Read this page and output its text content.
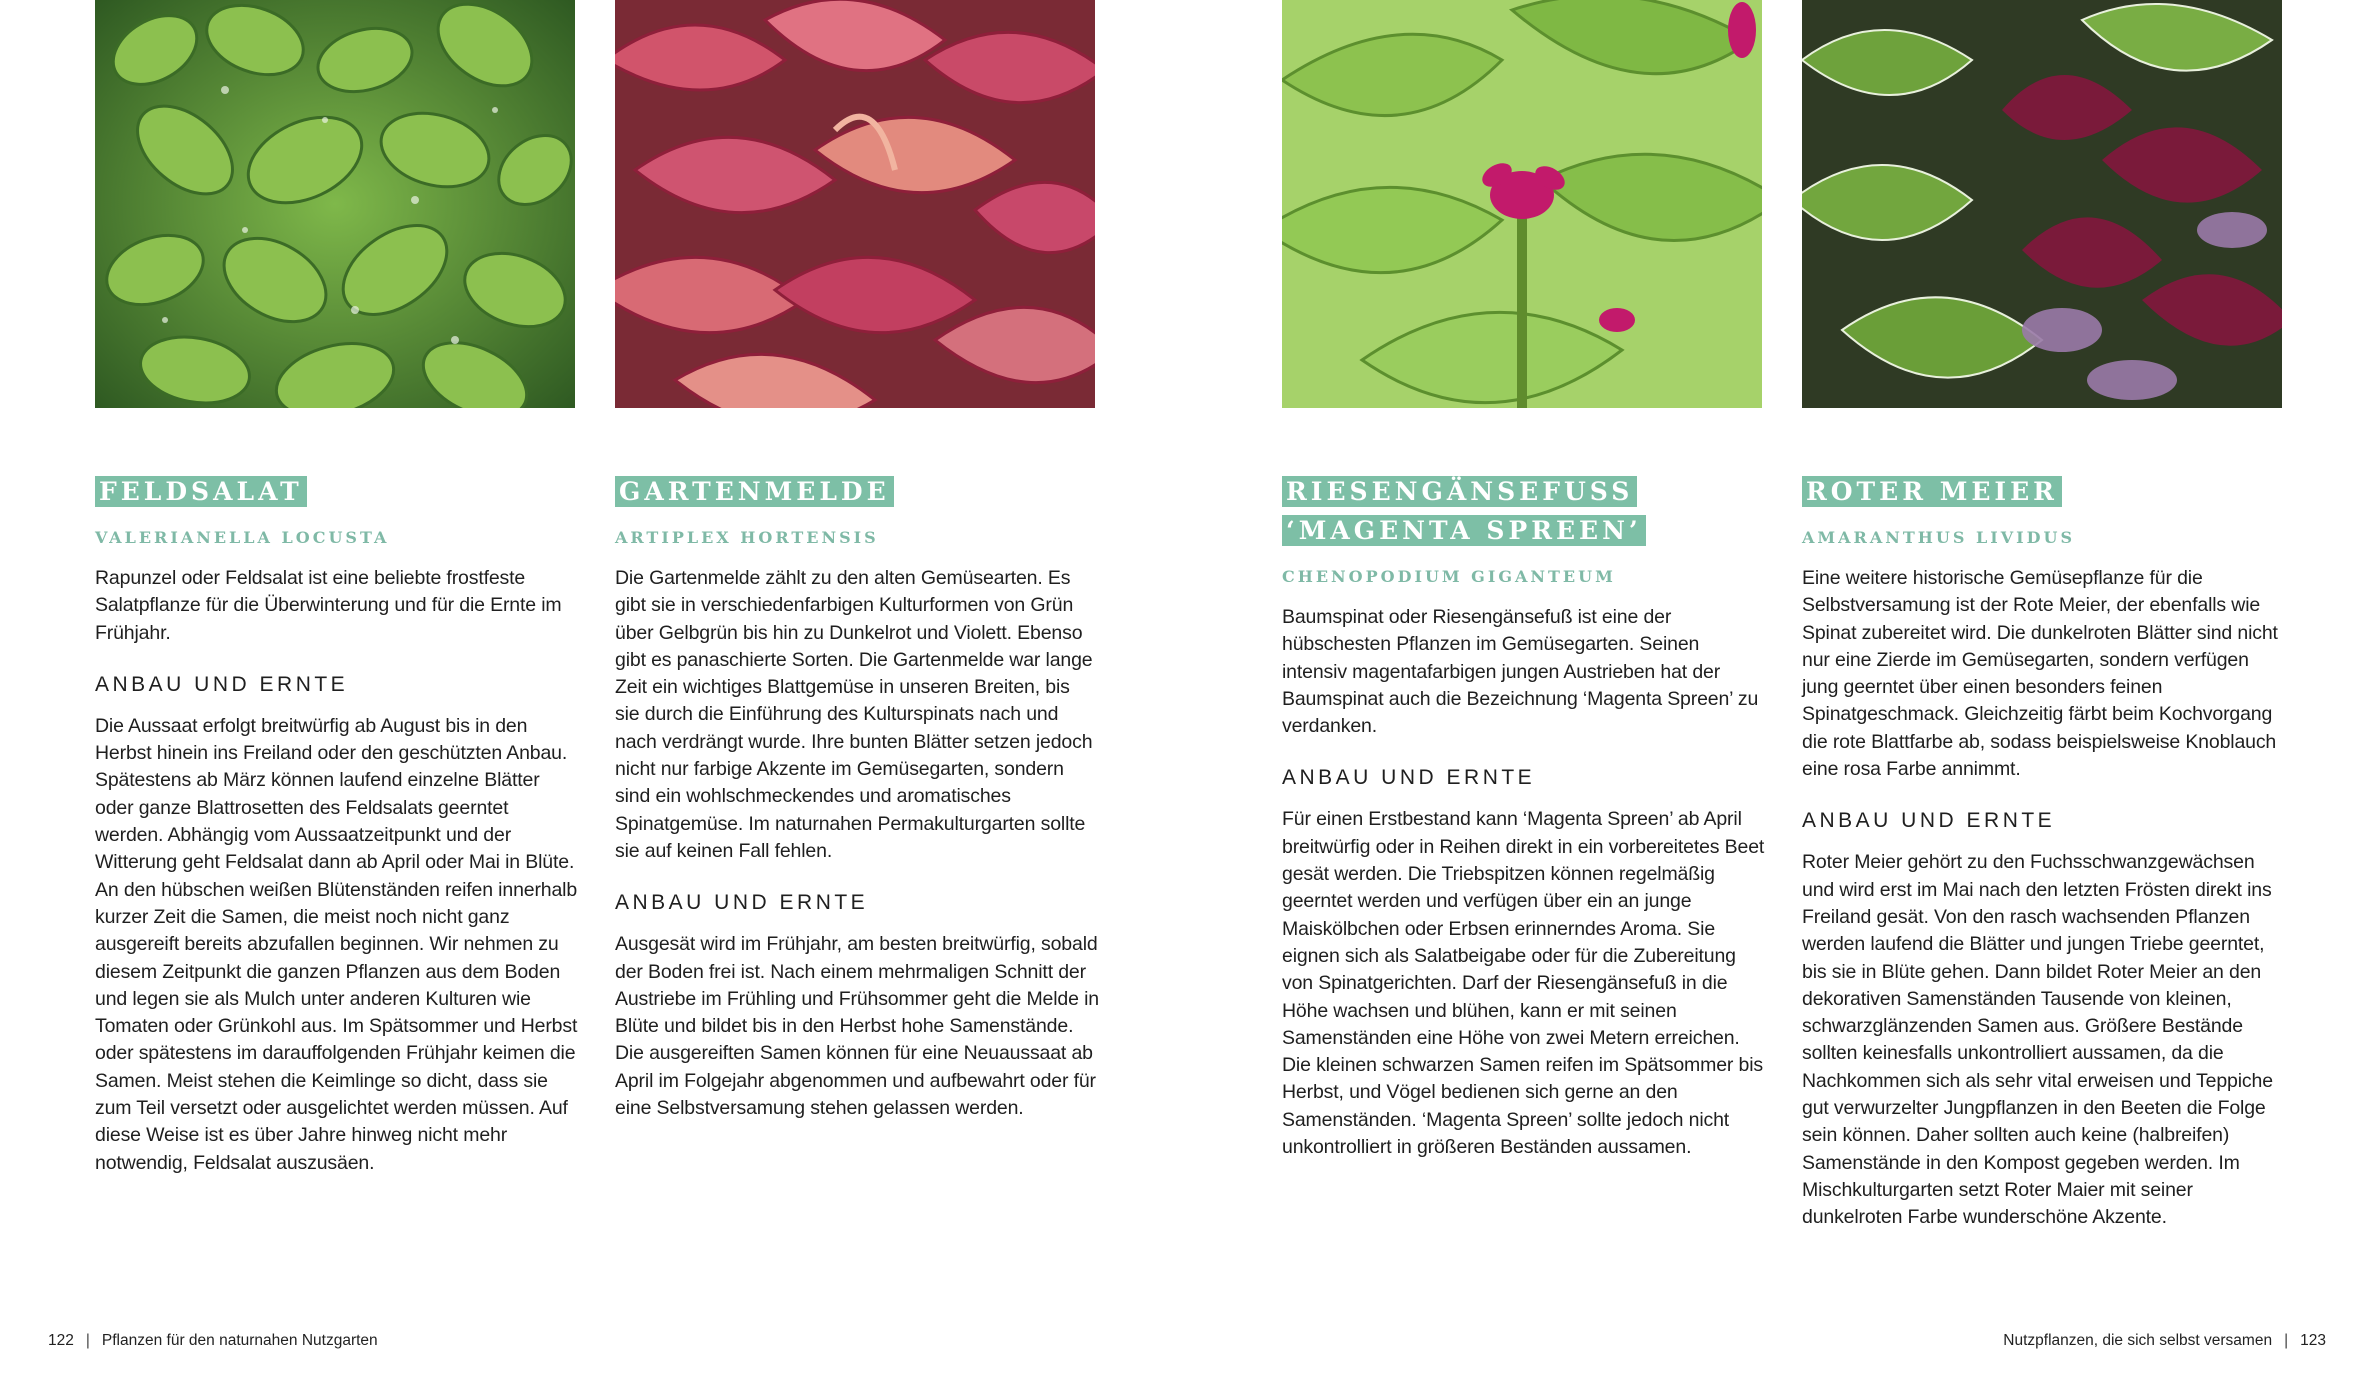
FELDSALAT
VALERIANELLA LOCUSTA

Rapunzel oder Feldsalat ist eine beliebte frostfeste Salatpflanze für die Überwinterung und für die Ernte im Frühjahr.

ANBAU UND ERNTE

Die Aussaat erfolgt breitwürfig ab August bis in den Herbst hinein ins Freiland oder den geschützten Anbau. Spätestens ab März können laufend einzelne Blätter oder ganze Blattrosetten des Feldsalats geerntet werden. Abhängig vom Aussaatzeitpunkt und der Witterung geht Feldsalat dann ab April oder Mai in Blüte. An den hübschen weißen Blütenständen reifen innerhalb kurzer Zeit die Samen, die meist noch nicht ganz ausgereift bereits abzufallen beginnen. Wir nehmen zu diesem Zeitpunkt die ganzen Pflanzen aus dem Boden und legen sie als Mulch unter anderen Kulturen wie Tomaten oder Grünkohl aus. Im Spätsommer und Herbst oder spätestens im darauffolgenden Frühjahr keimen die Samen. Meist stehen die Keimlinge so dicht, dass sie zum Teil versetzt oder ausgelichtet werden müssen. Auf diese Weise ist es über Jahre hinweg nicht mehr notwendig, Feldsalat auszusäen.

GARTENMELDE
ARTIPLEX HORTENSIS

Die Gartenmelde zählt zu den alten Gemüsearten. Es gibt sie in verschiedenfarbigen Kulturformen von Grün über Gelbgrün bis hin zu Dunkelrot und Violett. Ebenso gibt es panaschierte Sorten. Die Gartenmelde war lange Zeit ein wichtiges Blattgemüse in unseren Breiten, bis sie durch die Einführung des Kulturspinats nach und nach verdrängt wurde. Ihre bunten Blätter setzen jedoch nicht nur farbige Akzente im Gemüsegarten, sondern sind ein wohlschmeckendes und aromatisches Spinatgemüse. Im naturnahen Permakulturgarten sollte sie auf keinen Fall fehlen.

ANBAU UND ERNTE

Ausgesät wird im Frühjahr, am besten breitwürfig, sobald der Boden frei ist. Nach einem mehrmaligen Schnitt der Austriebe im Frühling und Frühsommer geht die Melde in Blüte und bildet bis in den Herbst hohe Samenstände. Die ausgereiften Samen können für eine Neuaussaat ab April im Folgejahr abgenommen und aufbewahrt oder für eine Selbstversamung stehen gelassen werden.

RIESENGÄNSEFUSS
‘MAGENTA SPREEN’
CHENOPODIUM GIGANTEUM

Baumspinat oder Riesengänsefuß ist eine der hübschesten Pflanzen im Gemüsegarten. Seinen intensiv magentafarbigen jungen Austrieben hat der Baumspinat auch die Bezeichnung ‘Magenta Spreen’ zu verdanken.

ANBAU UND ERNTE

Für einen Erstbestand kann ‘Magenta Spreen’ ab April breitwürfig oder in Reihen direkt in ein vorbereitetes Beet gesät werden. Die Triebspitzen können regelmäßig geerntet werden und verfügen über ein an junge Maiskölbchen oder Erbsen erinnerndes Aroma. Sie eignen sich als Salatbeigabe oder für die Zubereitung von Spinatgerichten. Darf der Riesengänsefuß in die Höhe wachsen und blühen, kann er mit seinen Samenständen eine Höhe von zwei Metern erreichen. Die kleinen schwarzen Samen reifen im Spätsommer bis Herbst, und Vögel bedienen sich gerne an den Samenständen. ‘Magenta Spreen’ sollte jedoch nicht unkontrolliert in größeren Beständen aussamen.

ROTER MEIER
AMARANTHUS LIVIDUS

Eine weitere historische Gemüsepflanze für die Selbstversamung ist der Rote Meier, der ebenfalls wie Spinat zubereitet wird. Die dunkelroten Blätter sind nicht nur eine Zierde im Gemüsegarten, sondern verfügen jung geerntet über einen besonders feinen Spinatgeschmack. Gleichzeitig färbt beim Kochvorgang die rote Blattfarbe ab, sodass beispielsweise Knoblauch eine rosa Farbe annimmt.

ANBAU UND ERNTE

Roter Meier gehört zu den Fuchsschwanzgewächsen und wird erst im Mai nach den letzten Frösten direkt ins Freiland gesät. Von den rasch wachsenden Pflanzen werden laufend die Blätter und jungen Triebe geerntet, bis sie in Blüte gehen. Dann bildet Roter Meier an den dekorativen Samenständen Tausende von kleinen, schwarzglänzenden Samen aus. Größere Bestände sollten keinesfalls unkontrolliert aussamen, da die Nachkommen sich als sehr vital erweisen und Teppiche gut verwurzelter Jungpflanzen in den Beeten die Folge sein können. Daher sollten auch keine (halbreifen) Samenstände in den Kompost gegeben werden. Im Mischkulturgarten setzt Roter Maier mit seiner dunkelroten Farbe wunderschöne Akzente.

122 | Pflanzen für den naturnahen Nutzgarten	Nutzpflanzen, die sich selbst versamen | 123
